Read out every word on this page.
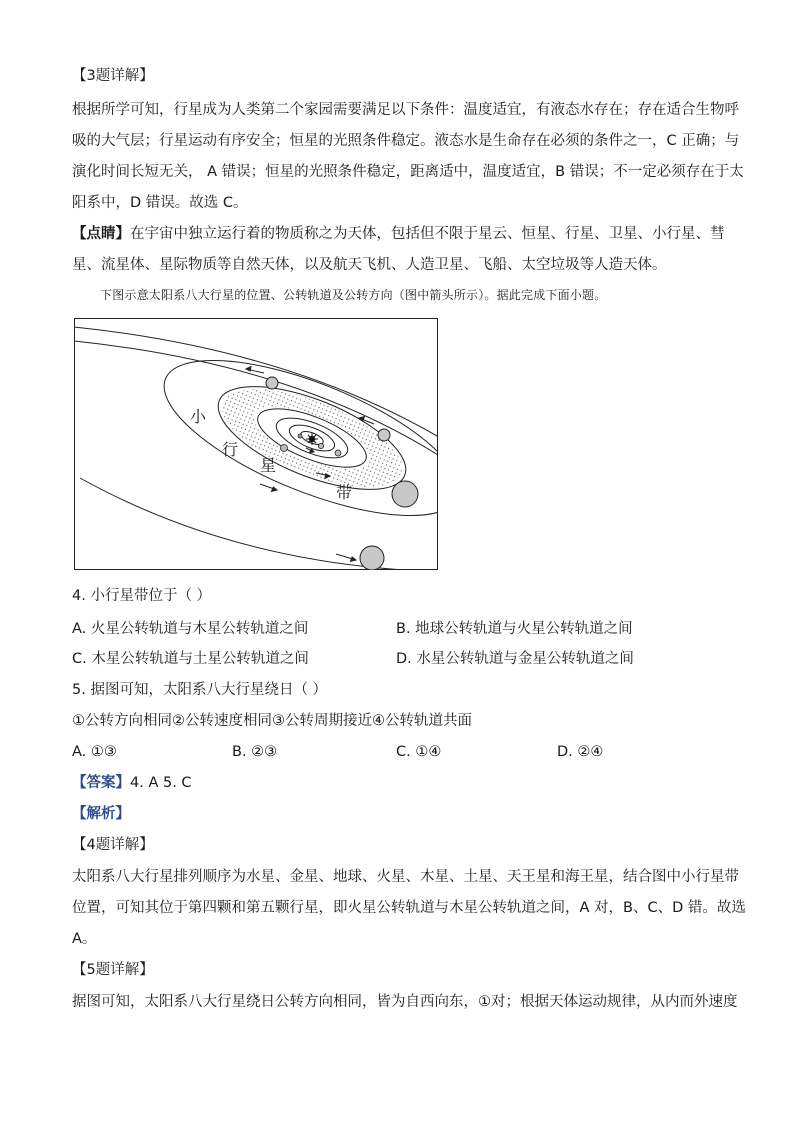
【3题详解】
根据所学可知，行星成为人类第二个家园需要满足以下条件：温度适宜，有液态水存在；存在适合生物呼
吸的大气层；行星运动有序安全；恒星的光照条件稳定。液态水是生命存在必须的条件之一，C 正确；与
演化时间长短无关， A 错误；恒星的光照条件稳定，距离适中，温度适宜，B 错误；不一定必须存在于太
阳系中，D 错误。故选 C。
【点睛】在宇宙中独立运行着的物质称之为天体，包括但不限于星云、恒星、行星、卫星、小行星、彗
星、流星体、星际物质等自然天体，以及航天飞机、人造卫星、飞船、太空垃圾等人造天体。
下图示意太阳系八大行星的位置、公转轨道及公转方向（图中箭头所示）。据此完成下面小题。
小
行
星
带
4. 小行星带位于（ ）
A. 火星公转轨道与木星公转轨道之间	B. 地球公转轨道与火星公转轨道之间
C. 木星公转轨道与土星公转轨道之间	D. 水星公转轨道与金星公转轨道之间
5. 据图可知，太阳系八大行星绕日（ ）
①公转方向相同②公转速度相同③公转周期接近④公转轨道共面
A. ①③	B. ②③	C. ①④	D. ②④
【答案】4. A 5. C
【解析】
【4题详解】
太阳系八大行星排列顺序为水星、金星、地球、火星、木星、土星、天王星和海王星，结合图中小行星带
位置，可知其位于第四颗和第五颗行星，即火星公转轨道与木星公转轨道之间，A 对，B、C、D 错。故选
A。
【5题详解】
据图可知，太阳系八大行星绕日公转方向相同，皆为自西向东，①对；根据天体运动规律，从内而外速度
